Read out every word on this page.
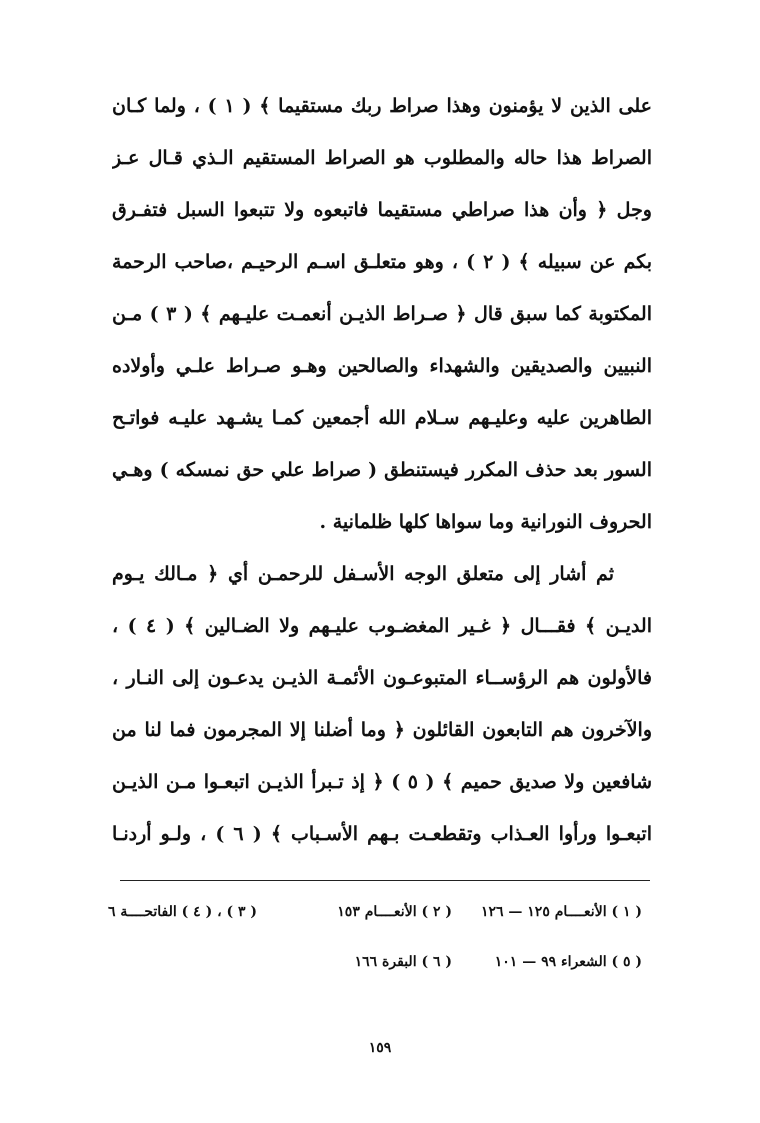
على الذين لا يؤمنون وهذا صراط ربك مستقيما ﴾ ( ١ ) ، ولما كـان
الصراط هذا حاله والمطلوب هو الصراط المستقيم الـذي قـال عـز
وجل ﴿ وأن هذا صراطي مستقيما فاتبعوه ولا تتبعوا السبل فتفـرق
بكم عن سبيله ﴾ ( ٢ ) ، وهو متعلـق اسـم الرحيـم ،صاحب الرحمة
المكتوبة كما سبق قال ﴿ صـراط الذيـن أنعمـت عليـهم ﴾ ( ٣ ) مـن
النبيين والصديقين والشهداء والصالحين وهـو صـراط علـي وأولاده
الطاهرين عليه وعليـهم سـلام الله أجمعين كمـا يشـهد عليـه فواتـح
السور بعد حذف المكرر فيستنطق ( صراط علي حق نمسكه ) وهـي
الحروف النورانية وما سواها كلها ظلمانية .
ثم أشار إلى متعلق الوجه الأسـفل للرحمـن أي ﴿ مـالك يـوم
الديـن ﴾ فقـــال ﴿ غـير المغضـوب عليـهم ولا الضـالين ﴾ ( ٤ ) ،
فالأولون هم الرؤســاء المتبوعـون الأئمـة الذيـن يدعـون إلى النـار ،
والآخرون هم التابعون القائلون ﴿ وما أضلنا إلا المجرمون فما لنا من
شافعين ولا صديق حميم ﴾ ( ٥ ) ﴿ إذ تـبرأ الذيـن اتبعـوا مـن الذيـن
اتبعـوا ورأوا العـذاب وتقطعـت بـهم الأسـباب ﴾ ( ٦ ) ، ولـو أردنـا
( ١ ) الأنعــــام ١٢٥ — ١٢٦
( ٢ ) الأنعــــام ١٥٣
( ٣ ) ، ( ٤ ) الفاتحــــة ٦
( ٥ ) الشعراء ٩٩ — ١٠١
( ٦ ) البقرة ١٦٦
١٥٩
